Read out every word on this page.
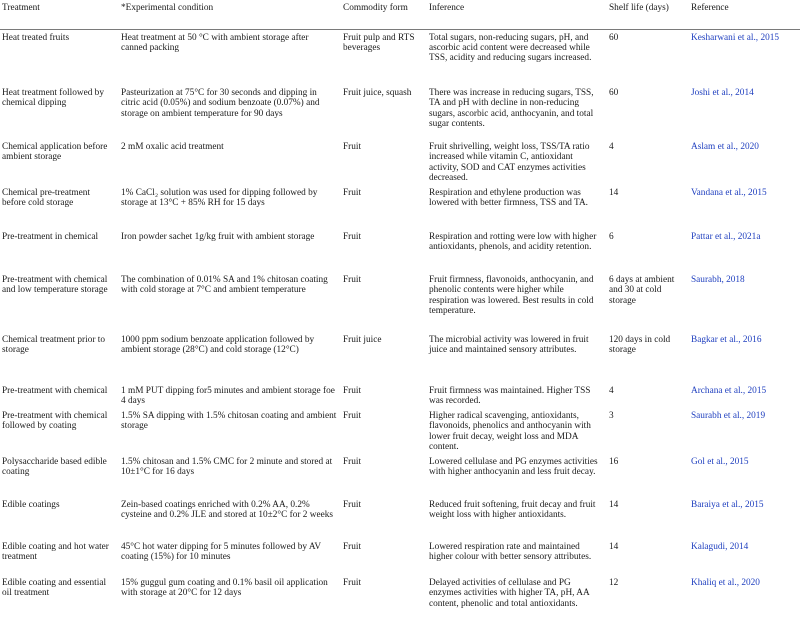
Treatment	*Experimental condition	Commodity form	Inference	Shelf life (days)	Reference
Heat treated fruits	Heat treatment at 50 °C with ambient storage after canned packing	Fruit pulp and RTS beverages	Total sugars, non-reducing sugars, pH, and ascorbic acid content were decreased while TSS, acidity and reducing sugars increased.	60	Kesharwani et al., 2015
Heat treatment followed by chemical dipping	Pasteurization at 75°C for 30 seconds and dipping in citric acid (0.05%) and sodium benzoate (0.07%) and storage on ambient temperature for 90 days	Fruit juice, squash	There was increase in reducing sugars, TSS, TA and pH with decline in non-reducing sugars, ascorbic acid, anthocyanin, and total sugar contents.	60	Joshi et al., 2014
Chemical application before ambient storage	2 mM oxalic acid treatment	Fruit	Fruit shrivelling, weight loss, TSS/TA ratio increased while vitamin C, antioxidant activity, SOD and CAT enzymes activities decreased.	4	Aslam et al., 2020
Chemical pre-treatment before cold storage	1% CaCl₂ solution was used for dipping followed by storage at 13°C + 85% RH for 15 days	Fruit	Respiration and ethylene production was lowered with better firmness, TSS and TA.	14	Vandana et al., 2015
Pre-treatment in chemical	Iron powder sachet 1g/kg fruit with ambient storage	Fruit	Respiration and rotting were low with higher antioxidants, phenols, and acidity retention.	6	Pattar et al., 2021a
Pre-treatment with chemical and low temperature storage	The combination of 0.01% SA and 1% chitosan coating with cold storage at 7°C and ambient temperature	Fruit	Fruit firmness, flavonoids, anthocyanin, and phenolic contents were higher while respiration was lowered. Best results in cold temperature.	6 days at ambient and 30 at cold storage	Saurabh, 2018
Chemical treatment prior to storage	1000 ppm sodium benzoate application followed by ambient storage (28°C) and cold storage (12°C)	Fruit juice	The microbial activity was lowered in fruit juice and maintained sensory attributes.	120 days in cold storage	Bagkar et al., 2016
Pre-treatment with chemical	1 mM PUT dipping for5 minutes and ambient storage foe 4 days	Fruit	Fruit firmness was maintained. Higher TSS was recorded.	4	Archana et al., 2015
Pre-treatment with chemical followed by coating	1.5% SA dipping with 1.5% chitosan coating and ambient storage	Fruit	Higher radical scavenging, antioxidants, flavonoids, phenolics and anthocyanin with lower fruit decay, weight loss and MDA content.	3	Saurabh et al., 2019
Polysaccharide based edible coating	1.5% chitosan and 1.5% CMC for 2 minute and stored at 10±1°C for 16 days	Fruit	Lowered cellulase and PG enzymes activities with higher anthocyanin and less fruit decay.	16	Gol et al., 2015
Edible coatings	Zein-based coatings enriched with 0.2% AA, 0.2% cysteine and 0.2% JLE and stored at 10±2°C for 2 weeks	Fruit	Reduced fruit softening, fruit decay and fruit weight loss with higher antioxidants.	14	Baraiya et al., 2015
Edible coating and hot water treatment	45°C hot water dipping for 5 minutes followed by AV coating (15%) for 10 minutes	Fruit	Lowered respiration rate and maintained higher colour with better sensory attributes.	14	Kalagudi, 2014
Edible coating and essential oil treatment	15% guggul gum coating and 0.1% basil oil application with storage at 20°C for 12 days	Fruit	Delayed activities of cellulase and PG enzymes activities with higher TA, pH, AA content, phenolic and total antioxidants.	12	Khaliq et al., 2020
